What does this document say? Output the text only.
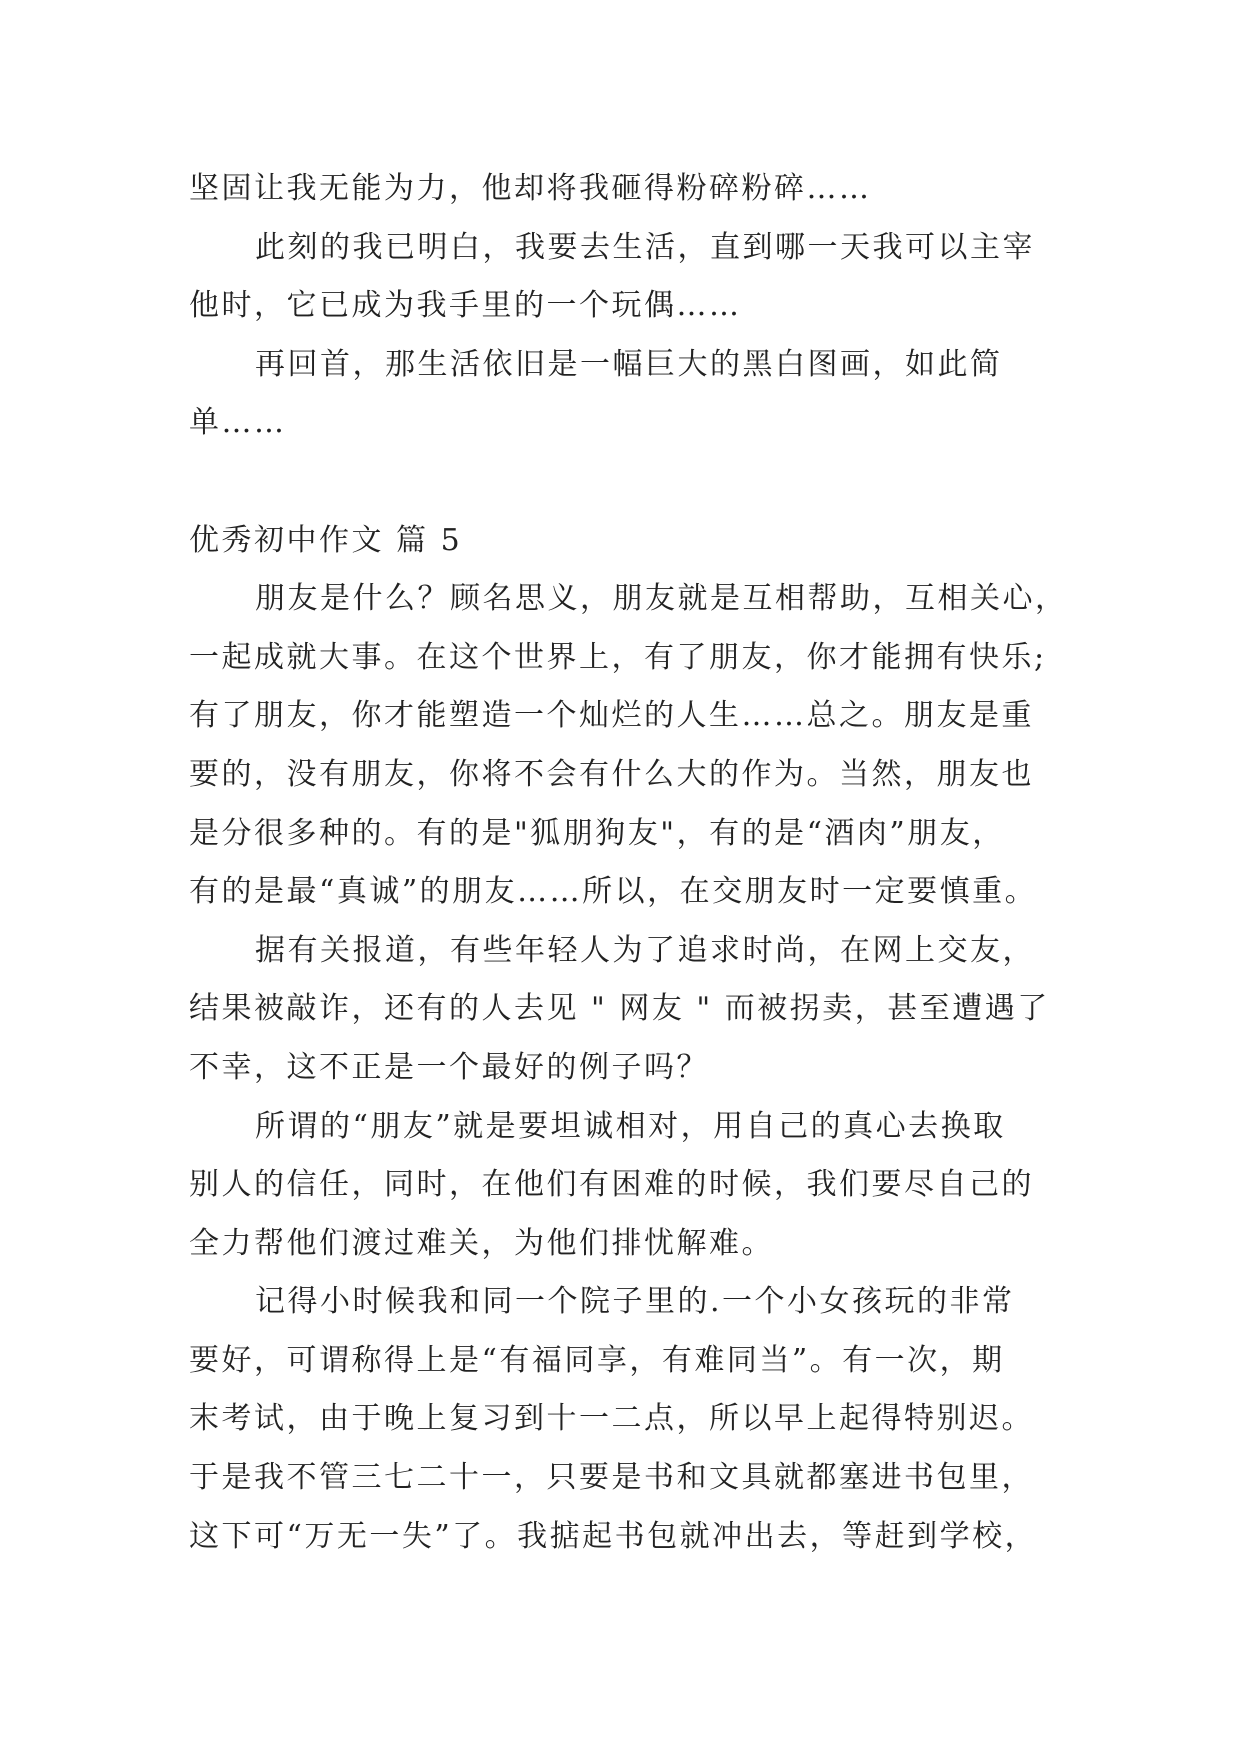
坚固让我无能为力，他却将我砸得粉碎粉碎……
此刻的我已明白，我要去生活，直到哪一天我可以主宰
他时，它已成为我手里的一个玩偶……
再回首，那生活依旧是一幅巨大的黑白图画，如此简
单……
优秀初中作文 篇 5
朋友是什么？顾名思义，朋友就是互相帮助，互相关心，
一起成就大事。在这个世界上，有了朋友，你才能拥有快乐;
有了朋友，你才能塑造一个灿烂的人生……总之。朋友是重
要的，没有朋友，你将不会有什么大的作为。当然，朋友也
是分很多种的。有的是"狐朋狗友"，有的是“酒肉”朋友，
有的是最“真诚”的朋友……所以，在交朋友时一定要慎重。
据有关报道，有些年轻人为了追求时尚，在网上交友，
结果被敲诈，还有的人去见 " 网友 " 而被拐卖，甚至遭遇了
不幸，这不正是一个最好的例子吗？
所谓的“朋友”就是要坦诚相对，用自己的真心去换取
别人的信任，同时，在他们有困难的时候，我们要尽自己的
全力帮他们渡过难关，为他们排忧解难。
记得小时候我和同一个院子里的.一个小女孩玩的非常
要好，可谓称得上是“有福同享，有难同当”。有一次，期
末考试，由于晚上复习到十一二点，所以早上起得特别迟。
于是我不管三七二十一，只要是书和文具就都塞进书包里，
这下可“万无一失”了。我掂起书包就冲出去，等赶到学校，
